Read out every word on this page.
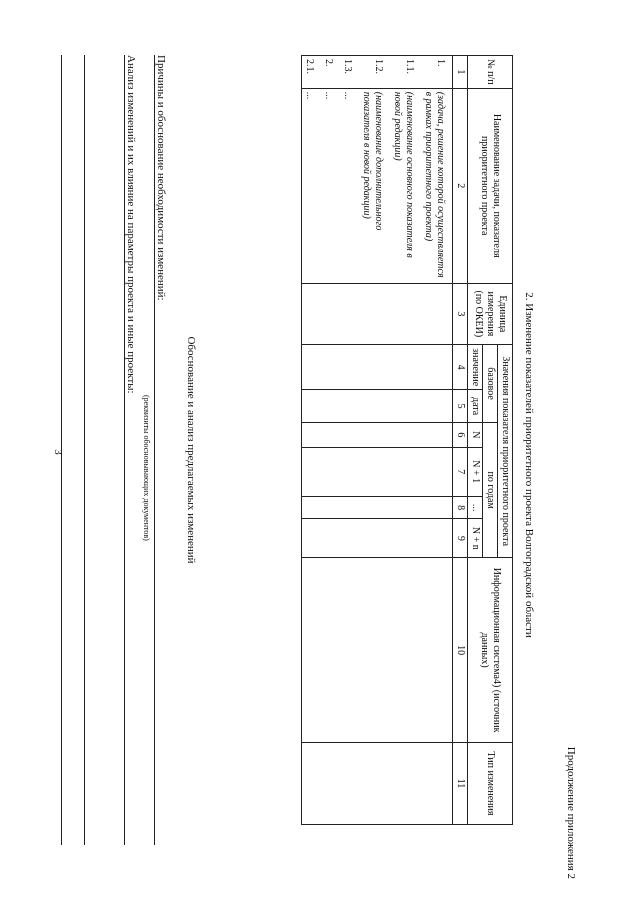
3
Продолжение приложения 2
2. Изменение показателей приоритетного проекта Волгоградской области
№ п/п	Наименование задачи, показателя приоритетного проекта	Единица измерения (по ОКЕИ)	Значения показателя приоритетного проекта						Информационная система4) (источник данных)	Тип изменения
			базовое		по годам					
			значение	дата	N	N + 1	...	N + n		
1	2	3	4	5	6	7	8	9	10	11
1.	(задача, решение которой осуществляется в рамках приоритетного проекта)									
1.1.	(наименование основного показателя в новой редакции)									
1.2.	(наименование дополнительного показателя в новой редакции)									
1.3.	...									
2.	...									
2.1.	...									
Обоснование и анализ предлагаемых изменений
Причины и обоснование необходимости изменений:
(реквизиты обосновывающих документов)
Анализ изменений и их влияние на параметры проекта и иные проекты:
